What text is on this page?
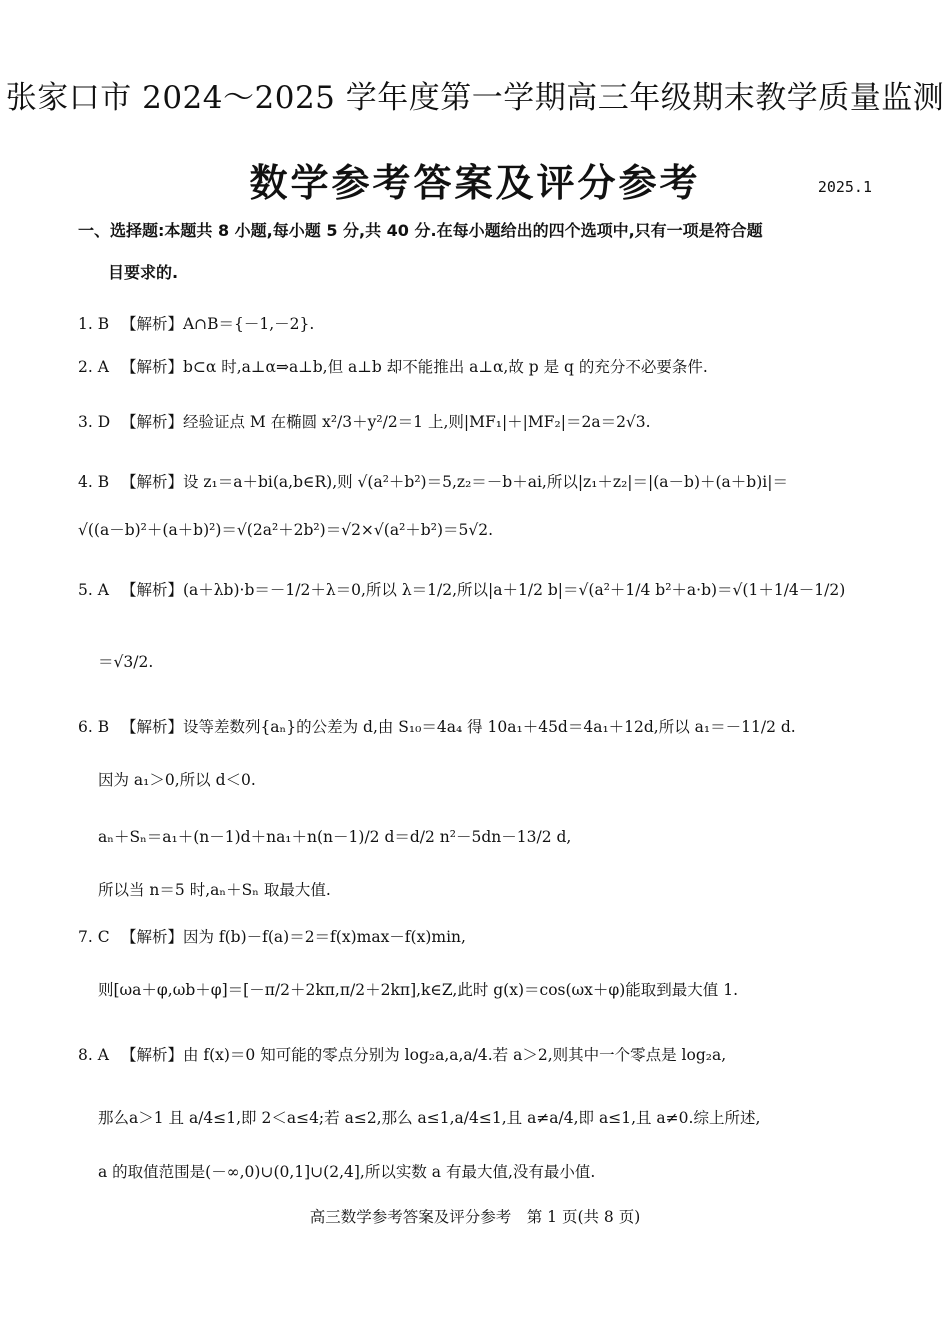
张家口市 2024～2025 学年度第一学期高三年级期末教学质量监测
数学参考答案及评分参考	2025.1
一、选择题:本题共 8 小题,每小题 5 分,共 40 分.在每小题给出的四个选项中,只有一项是符合题
目要求的.
1. B 【解析】A∩B＝{－1,－2}.
2. A 【解析】b⊂α 时,a⊥α⇒a⊥b,但 a⊥b 却不能推出 a⊥α,故 p 是 q 的充分不必要条件.
3. D 【解析】经验证点 M 在椭圆 x²/3＋y²/2＝1 上,则|MF₁|＋|MF₂|＝2a＝2√3.
4. B 【解析】设 z₁＝a＋bi(a,b∈R),则 √(a²＋b²)＝5,z₂＝－b＋ai,所以|z₁＋z₂|＝|(a－b)＋(a＋b)i|＝
√((a－b)²＋(a＋b)²)＝√(2a²＋2b²)＝√2×√(a²＋b²)＝5√2.
5. A 【解析】(a＋λb)·b＝－1/2＋λ＝0,所以 λ＝1/2,所以|a＋1/2 b|＝√(a²＋1/4 b²＋a·b)＝√(1＋1/4－1/2)
＝√3/2.
6. B 【解析】设等差数列{aₙ}的公差为 d,由 S₁₀＝4a₄ 得 10a₁＋45d＝4a₁＋12d,所以 a₁＝－11/2 d.
因为 a₁＞0,所以 d＜0.
aₙ＋Sₙ＝a₁＋(n－1)d＋na₁＋n(n－1)/2 d＝d/2 n²－5dn－13/2 d,
所以当 n＝5 时,aₙ＋Sₙ 取最大值.
7. C 【解析】因为 f(b)－f(a)＝2＝f(x)max－f(x)min,
则[ωa＋φ,ωb＋φ]＝[－π/2＋2kπ,π/2＋2kπ],k∈Z,此时 g(x)＝cos(ωx＋φ)能取到最大值 1.
8. A 【解析】由 f(x)＝0 知可能的零点分别为 log₂a,a,a/4.若 a＞2,则其中一个零点是 log₂a,
那么a＞1 且 a/4≤1,即 2＜a≤4;若 a≤2,那么 a≤1,a/4≤1,且 a≠a/4,即 a≤1,且 a≠0.综上所述,
a 的取值范围是(－∞,0)∪(0,1]∪(2,4],所以实数 a 有最大值,没有最小值.
高三数学参考答案及评分参考　第 1 页(共 8 页)
